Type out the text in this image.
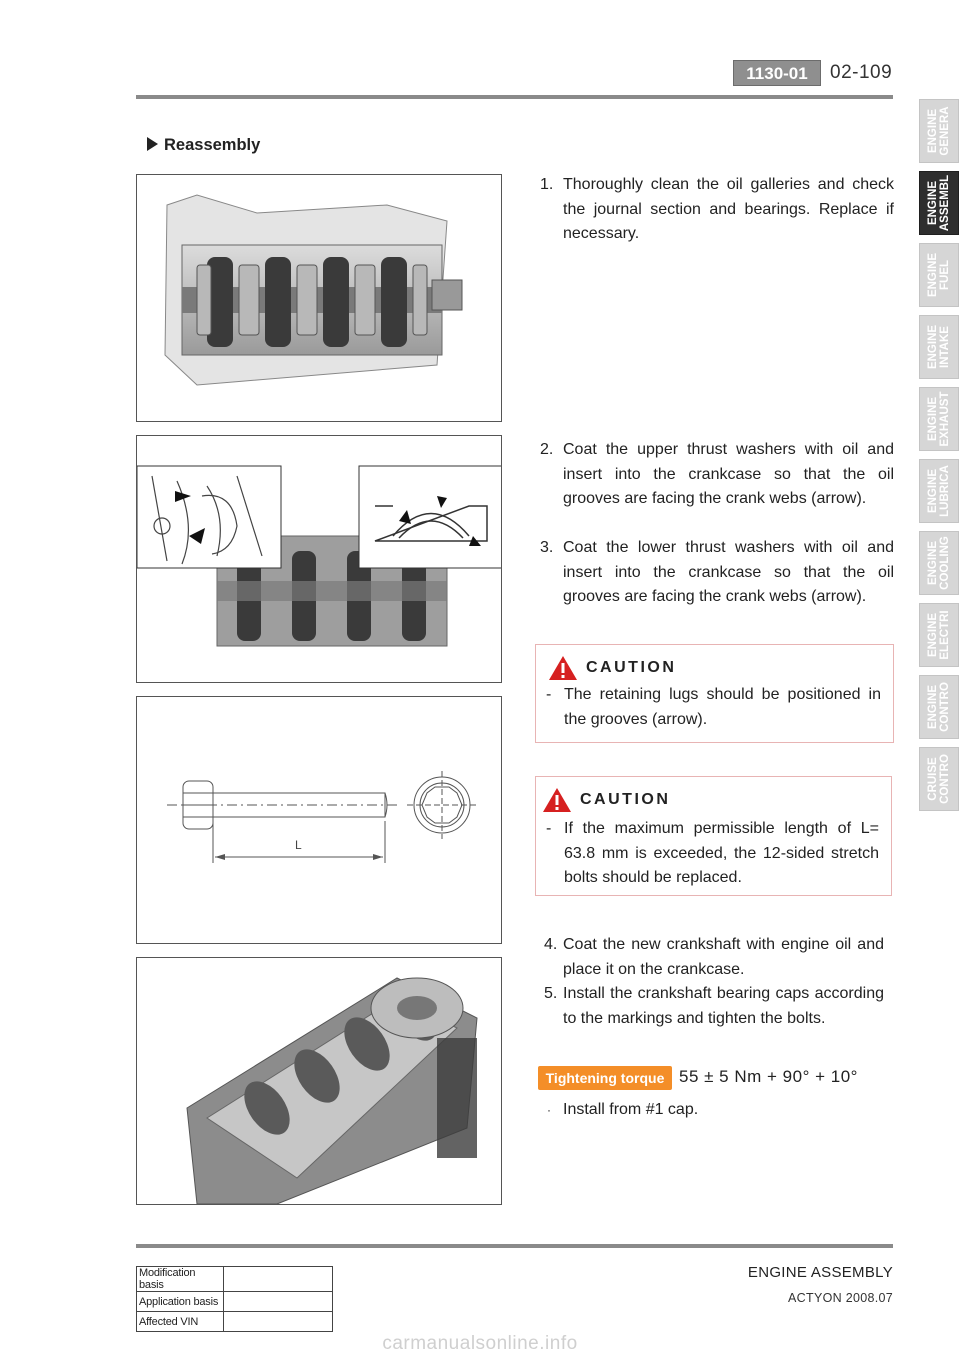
1130-01	02-109
Reassembly
L
1. Thoroughly clean the oil galleries and check the journal section and bearings. Replace if necessary.
2. Coat the upper thrust washers with oil and insert into the crankcase so that the oil grooves are facing the crank webs (arrow).
3. Coat the lower thrust washers with oil and insert into the crankcase so that the oil grooves are facing the crank webs (arrow).
CAUTION
- The retaining lugs should be positioned in the grooves (arrow).
CAUTION
- If the maximum permissible length of L= 63.8 mm is exceeded, the 12-sided stretch bolts should be replaced.
4. Coat the new crankshaft with engine oil and place it on the crankcase.
5. Install the crankshaft bearing caps according to the markings and tighten the bolts.
Tightening torque 55 ± 5 Nm + 90° + 10°
· Install from #1 cap.
ENGINE GENERA
ENGINE ASSEMBL
ENGINE FUEL
ENGINE INTAKE
ENGINE EXHAUST
ENGINE LUBRICA
ENGINE COOLING
ENGINE ELECTRI
ENGINE CONTRO
CRUISE CONTRO
ENGINE ASSEMBLY
ACTYON 2008.07
Modification basis	
Application basis	
Affected VIN	
carmanualsonline.info
